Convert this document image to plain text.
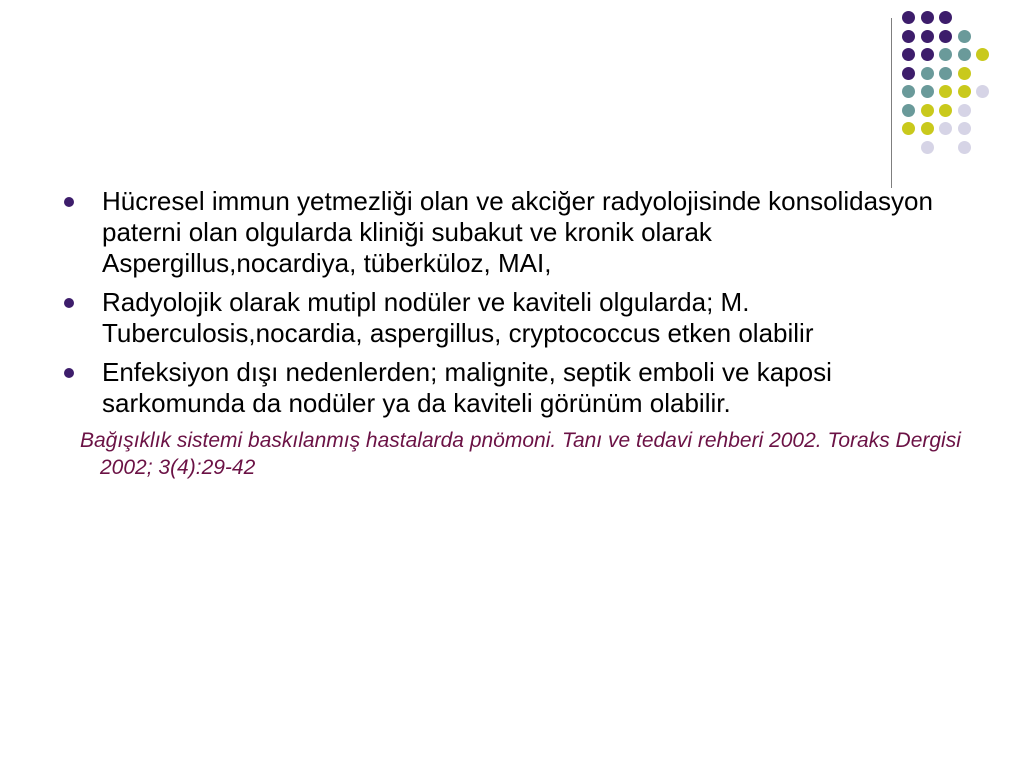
Hücresel immun yetmezliği olan ve akciğer radyolojisinde konsolidasyon paterni olan olgularda kliniği subakut ve kronik olarak Aspergillus,nocardiya, tüberküloz, MAI,
Radyolojik olarak mutipl nodüler ve kaviteli olgularda; M. Tuberculosis,nocardia, aspergillus, cryptococcus etken olabilir
Enfeksiyon dışı nedenlerden; malignite, septik emboli ve kaposi sarkomunda da nodüler ya da kaviteli görünüm olabilir.
Bağışıklık sistemi baskılanmış hastalarda pnömoni. Tanı ve tedavi rehberi 2002. Toraks Dergisi 2002; 3(4):29-42
